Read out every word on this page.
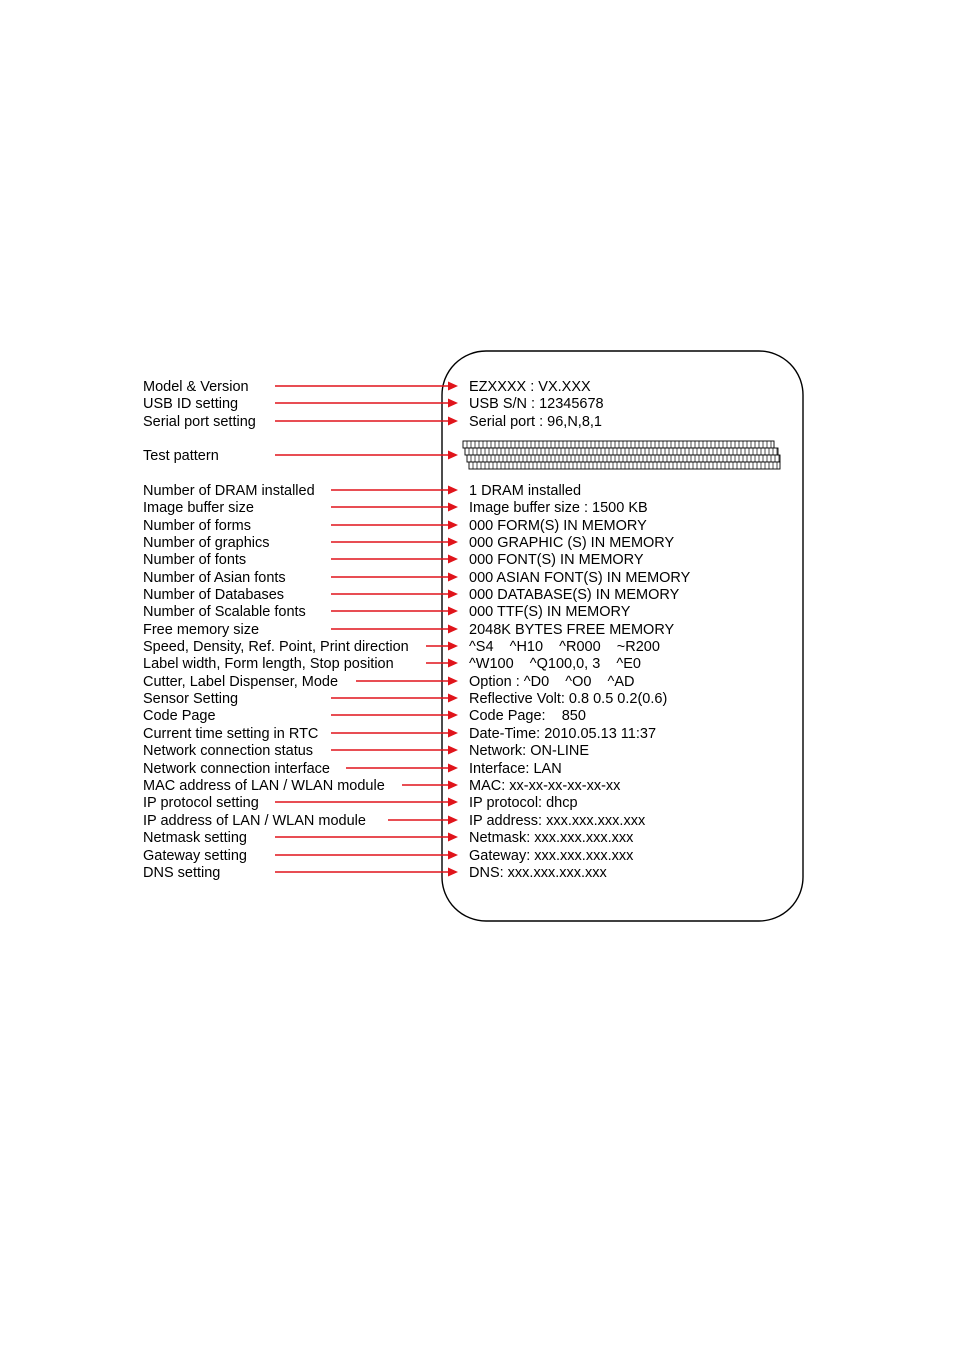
Model & Version	EZXXXX : VX.XXX
USB ID setting	USB S/N : 12345678
Serial port setting	Serial port : 96,N,8,1
Test pattern
Number of DRAM installed	1 DRAM installed
Image buffer size	Image buffer size : 1500 KB
Number of forms	000 FORM(S) IN MEMORY
Number of graphics	000 GRAPHIC (S) IN MEMORY
Number of fonts	000 FONT(S) IN MEMORY
Number of Asian fonts	000 ASIAN FONT(S) IN MEMORY
Number of Databases	000 DATABASE(S) IN MEMORY
Number of Scalable fonts	000 TTF(S) IN MEMORY
Free memory size	2048K BYTES FREE MEMORY
Speed, Density, Ref. Point, Print direction	^S4    ^H10    ^R000    ~R200
Label width, Form length, Stop position	^W100    ^Q100,0, 3    ^E0
Cutter, Label Dispenser, Mode	Option : ^D0    ^O0    ^AD
Sensor Setting	Reflective Volt: 0.8 0.5 0.2(0.6)
Code Page	Code Page:    850
Current time setting in RTC	Date-Time: 2010.05.13 11:37
Network connection status	Network: ON-LINE
Network connection interface	Interface: LAN
MAC address of LAN / WLAN module	MAC: xx-xx-xx-xx-xx-xx
IP protocol setting	IP protocol: dhcp
IP address of LAN / WLAN module	IP address: xxx.xxx.xxx.xxx
Netmask setting	Netmask: xxx.xxx.xxx.xxx
Gateway setting	Gateway: xxx.xxx.xxx.xxx
DNS setting	DNS: xxx.xxx.xxx.xxx
